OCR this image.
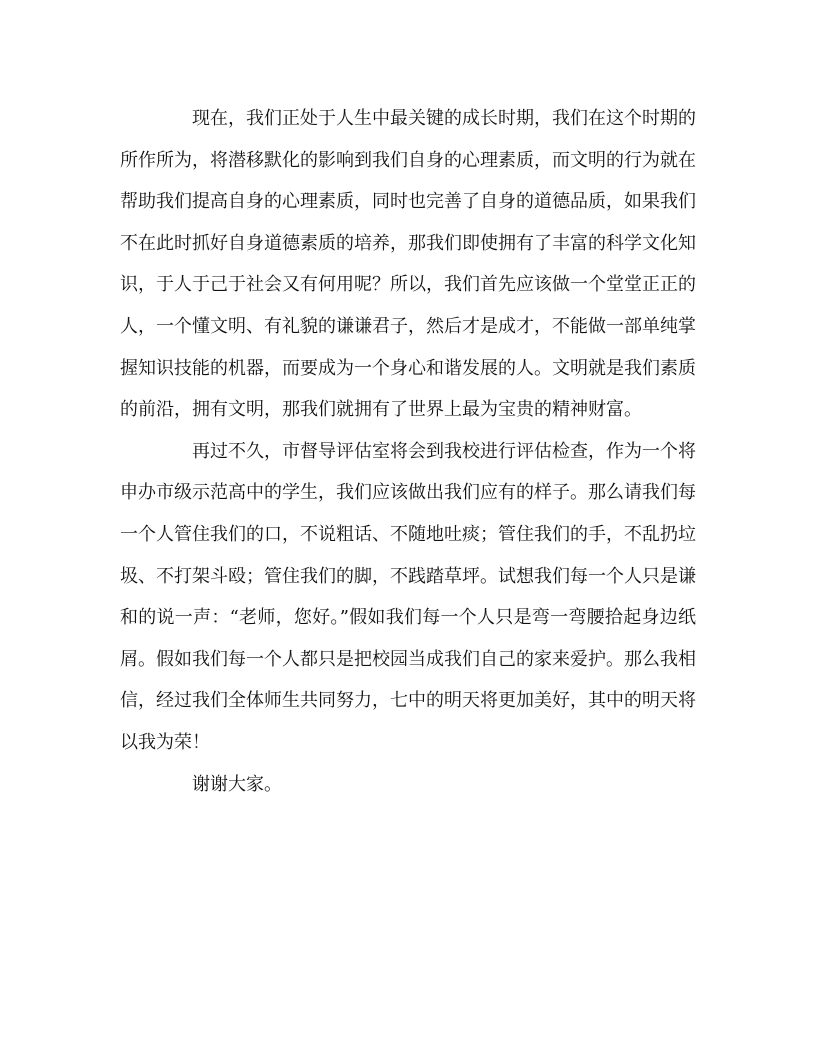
现在，我们正处于人生中最关键的成长时期，我们在这个时期的所作所为，将潜移默化的影响到我们自身的心理素质，而文明的行为就在帮助我们提高自身的心理素质，同时也完善了自身的道德品质，如果我们不在此时抓好自身道德素质的培养，那我们即使拥有了丰富的科学文化知识，于人于己于社会又有何用呢？所以，我们首先应该做一个堂堂正正的人，一个懂文明、有礼貌的谦谦君子，然后才是成才，不能做一部单纯掌握知识技能的机器，而要成为一个身心和谐发展的人。文明就是我们素质的前沿，拥有文明，那我们就拥有了世界上最为宝贵的精神财富。

再过不久，市督导评估室将会到我校进行评估检查，作为一个将申办市级示范高中的学生，我们应该做出我们应有的样子。那么请我们每一个人管住我们的口，不说粗话、不随地吐痰；管住我们的手，不乱扔垃圾、不打架斗殴；管住我们的脚，不践踏草坪。试想我们每一个人只是谦和的说一声：“老师，您好。”假如我们每一个人只是弯一弯腰拾起身边纸屑。假如我们每一个人都只是把校园当成我们自己的家来爱护。那么我相信，经过我们全体师生共同努力，七中的明天将更加美好，其中的明天将以我为荣！

谢谢大家。
